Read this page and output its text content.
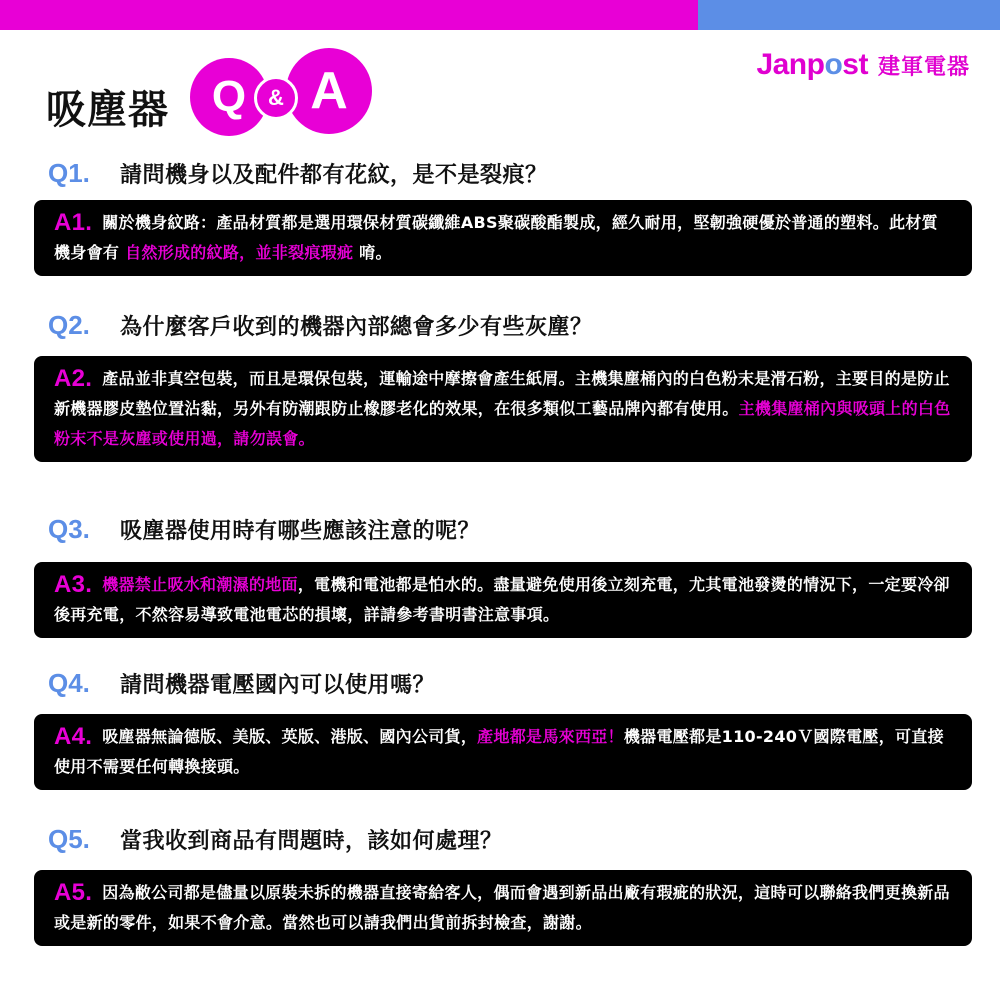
Janpost 建軍電器
吸塵器 Q	A
&
Q1.	請問機身以及配件都有花紋，是不是裂痕？

A1. 關於機身紋路：產品材質都是選用環保材質碳纖維ABS聚碳酸酯製成，經久耐用，堅韌強硬優於普通的塑料。此材質機身會有 自然形成的紋路，並非裂痕瑕疵 唷。

Q2.	為什麼客戶收到的機器內部總會多少有些灰塵？

A2. 產品並非真空包裝，而且是環保包裝，運輸途中摩擦會產生紙屑。主機集塵桶內的白色粉末是滑石粉，主要目的是防止新機器膠皮墊位置沾黏，另外有防潮跟防止橡膠老化的效果，在很多類似工藝品牌內都有使用。主機集塵桶內與吸頭上的白色粉末不是灰塵或使用過，請勿誤會。

Q3.	吸塵器使用時有哪些應該注意的呢？

A3. 機器禁止吸水和潮濕的地面，電機和電池都是怕水的。盡量避免使用後立刻充電，尤其電池發燙的情況下，一定要冷卻後再充電，不然容易導致電池電芯的損壞，詳請參考書明書注意事項。

Q4.	請問機器電壓國內可以使用嗎？

A4. 吸塵器無論德版、美版、英版、港版、國內公司貨，產地都是馬來西亞！機器電壓都是110-240Ｖ國際電壓，可直接使用不需要任何轉換接頭。

Q5.	當我收到商品有問題時，該如何處理？

A5. 因為敝公司都是儘量以原裝未拆的機器直接寄給客人，偶而會遇到新品出廠有瑕疵的狀況，這時可以聯絡我們更換新品或是新的零件，如果不會介意。當然也可以請我們出貨前拆封檢查，謝謝。
